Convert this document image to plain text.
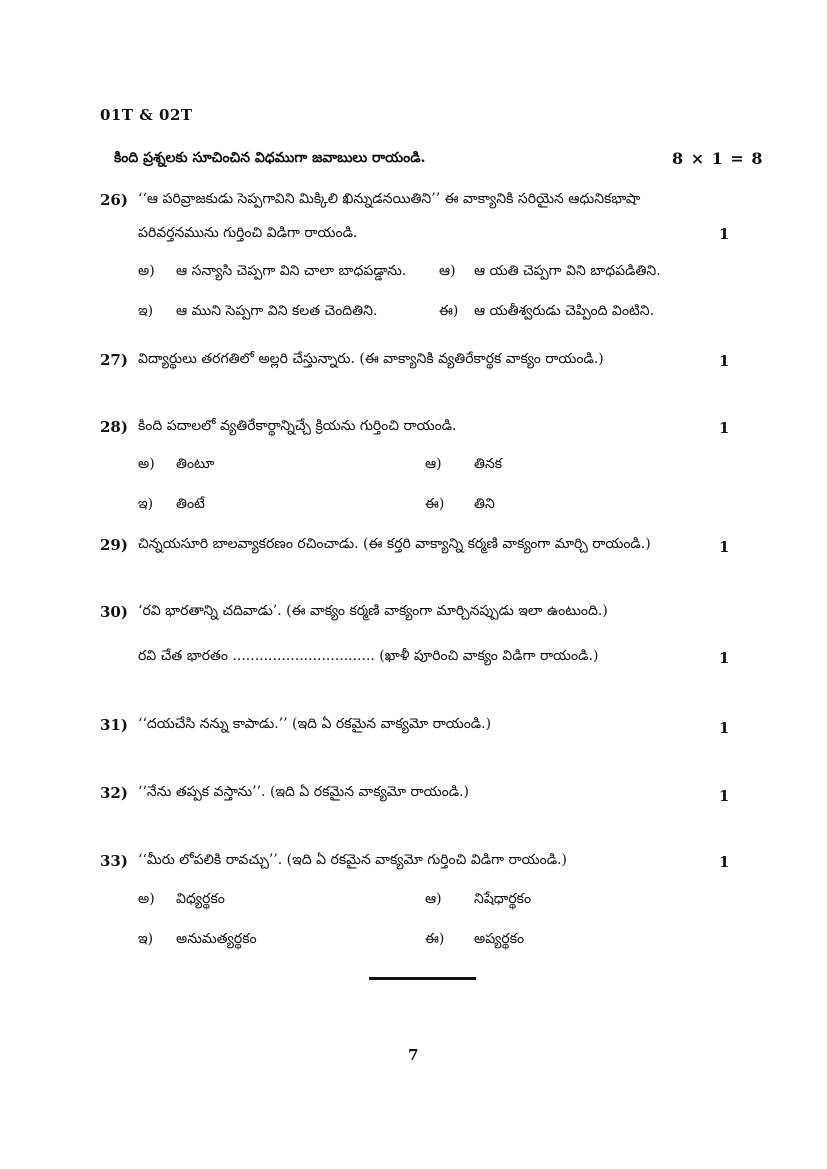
01T & 02T
కింది ప్రశ్నలకు సూచించిన విధముగా జవాబులు రాయండి.	8 × 1 = 8
26) ‘‘ఆ పరివ్రాజకుడు సెప్పగావిని మిక్కిలి ఖిన్నుడనయితిని’’ ఈ వాక్యానికి సరియైన ఆధునికభాషా
పరివర్తనమును గుర్తించి విడిగా రాయండి.	1
అ) ఆ సన్యాసి చెప్పగా విని చాలా బాధపడ్డాను. ఆ) ఆ యతి చెప్పగా విని బాధపడితిని.
ఇ) ఆ ముని సెప్పగా విని కలత చెందితిని.	ఈ) ఆ యతీశ్వరుడు చెప్పింది వింటిని.
27) విద్యార్థులు తరగతిలో అల్లరి చేస్తున్నారు. (ఈ వాక్యానికి వ్యతిరేకార్థక వాక్యం రాయండి.)	1
28) కింది పదాలలో వ్యతిరేకార్థాన్నిచ్చే క్రియను గుర్తించి రాయండి.	1
అ) తింటూ	ఆ) తినక
ఇ) తింటే	ఈ) తిని
29) చిన్నయసూరి బాలవ్యాకరణం రచించాడు. (ఈ కర్తరి వాక్యాన్ని కర్మణి వాక్యంగా మార్చి రాయండి.)	1
30) ‘రవి భారతాన్ని చదివాడు’. (ఈ వాక్యం కర్మణి వాక్యంగా మార్చినప్పుడు ఇలా ఉంటుంది.)
రవి చేత భారతం ................................ (ఖాళీ పూరించి వాక్యం విడిగా రాయండి.)	1
31) ‘‘దయచేసి నన్ను కాపాడు.’’ (ఇది ఏ రకమైన వాక్యమో రాయండి.)	1
32) ‘‘నేను తప్పక వస్తాను’’. (ఇది ఏ రకమైన వాక్యమో రాయండి.)	1
33) ‘‘మీరు లోపలికి రావచ్చు’’. (ఇది ఏ రకమైన వాక్యమో గుర్తించి విడిగా రాయండి.)	1
అ) విధ్యర్థకం	ఆ) నిషేధార్థకం
ఇ) అనుమత్యర్థకం	ఈ) అప్యర్థకం
7
